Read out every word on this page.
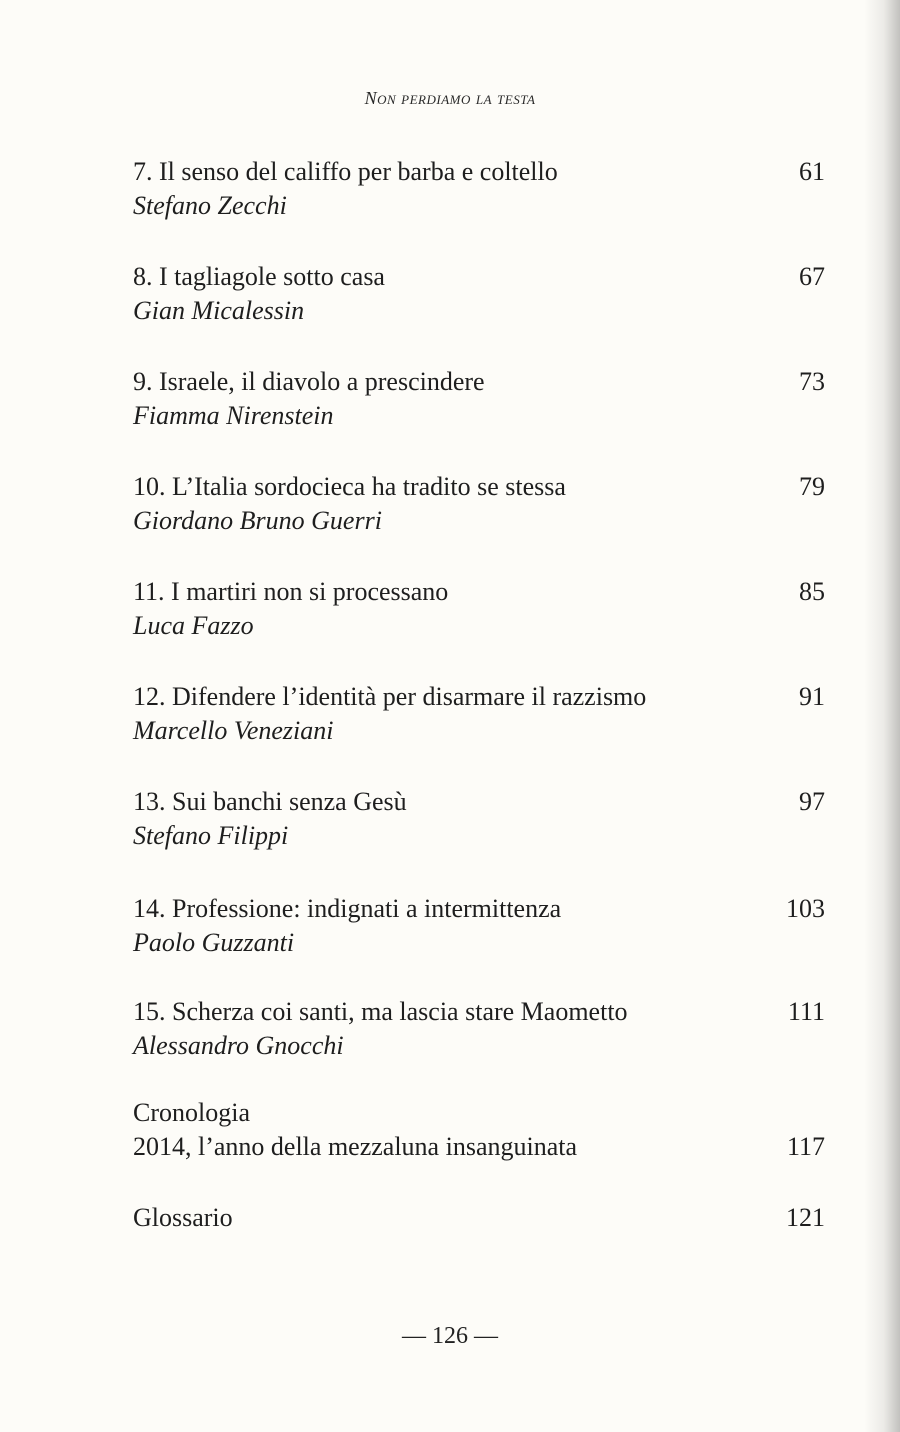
Non perdiamo la testa
7. Il senso del califfo per barba e coltello	61
Stefano Zecchi
8. I tagliagole sotto casa	67
Gian Micalessin
9. Israele, il diavolo a prescindere	73
Fiamma Nirenstein
10. L’Italia sordocieca ha tradito se stessa	79
Giordano Bruno Guerri
11. I martiri non si processano	85
Luca Fazzo
12. Difendere l’identità per disarmare il razzismo	91
Marcello Veneziani
13. Sui banchi senza Gesù	97
Stefano Filippi
14. Professione: indignati a intermittenza	103
Paolo Guzzanti
15. Scherza coi santi, ma lascia stare Maometto	111
Alessandro Gnocchi
Cronologia
2014, l’anno della mezzaluna insanguinata	117
Glossario	121
— 126 —
